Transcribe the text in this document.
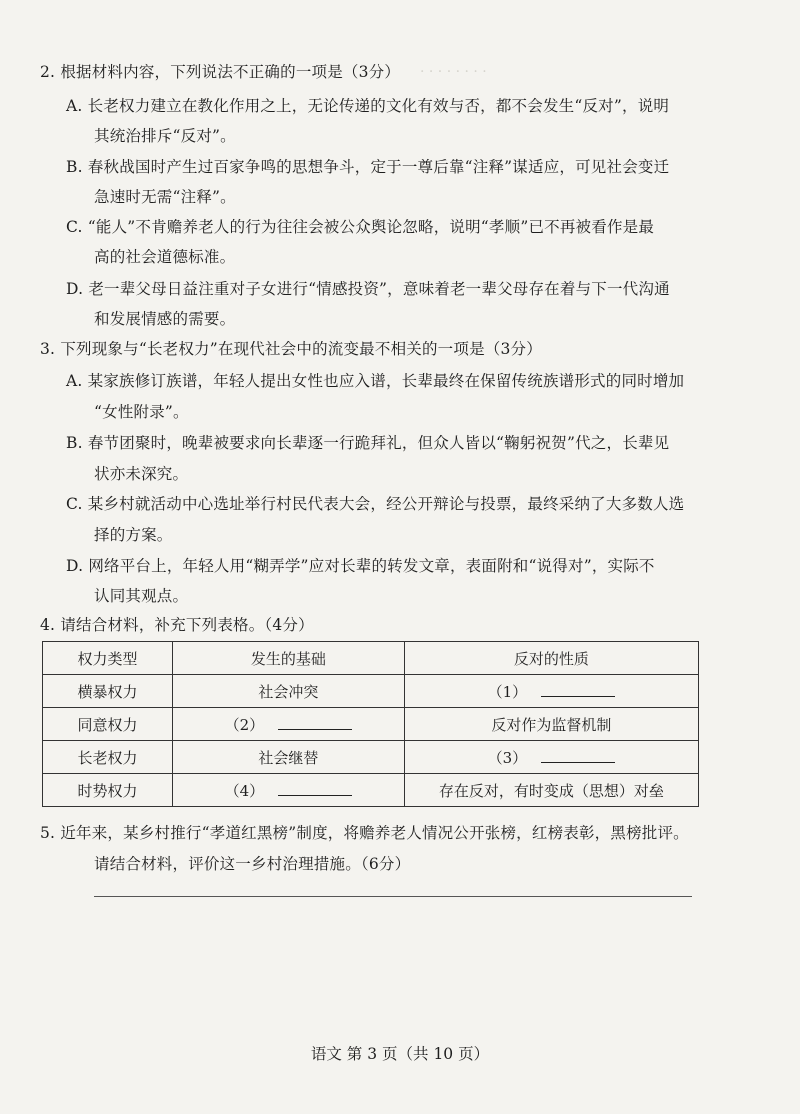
· · · · · · · ·
2. 根据材料内容，下列说法不正确的一项是（3分）
A. 长老权力建立在教化作用之上，无论传递的文化有效与否，都不会发生“反对”，说明
其统治排斥“反对”。
B. 春秋战国时产生过百家争鸣的思想争斗，定于一尊后靠“注释”谋适应，可见社会变迁
急速时无需“注释”。
C. “能人”不肯赡养老人的行为往往会被公众舆论忽略，说明“孝顺”已不再被看作是最
高的社会道德标准。
D. 老一辈父母日益注重对子女进行“情感投资”，意味着老一辈父母存在着与下一代沟通
和发展情感的需要。
3. 下列现象与“长老权力”在现代社会中的流变最不相关的一项是（3分）
A. 某家族修订族谱，年轻人提出女性也应入谱，长辈最终在保留传统族谱形式的同时增加
“女性附录”。
B. 春节团聚时，晚辈被要求向长辈逐一行跪拜礼，但众人皆以“鞠躬祝贺”代之，长辈见
状亦未深究。
C. 某乡村就活动中心选址举行村民代表大会，经公开辩论与投票，最终采纳了大多数人选
择的方案。
D. 网络平台上，年轻人用“糊弄学”应对长辈的转发文章，表面附和“说得对”，实际不
认同其观点。
4. 请结合材料，补充下列表格。（4分）
权力类型	发生的基础	反对的性质
横暴权力	社会冲突	（1）
同意权力	（2）	反对作为监督机制
长老权力	社会继替	（3）
时势权力	（4）	存在反对，有时变成（思想）对垒
5. 近年来，某乡村推行“孝道红黑榜”制度，将赡养老人情况公开张榜，红榜表彰，黑榜批评。
请结合材料，评价这一乡村治理措施。（6分）
语文 第 3 页（共 10 页）
